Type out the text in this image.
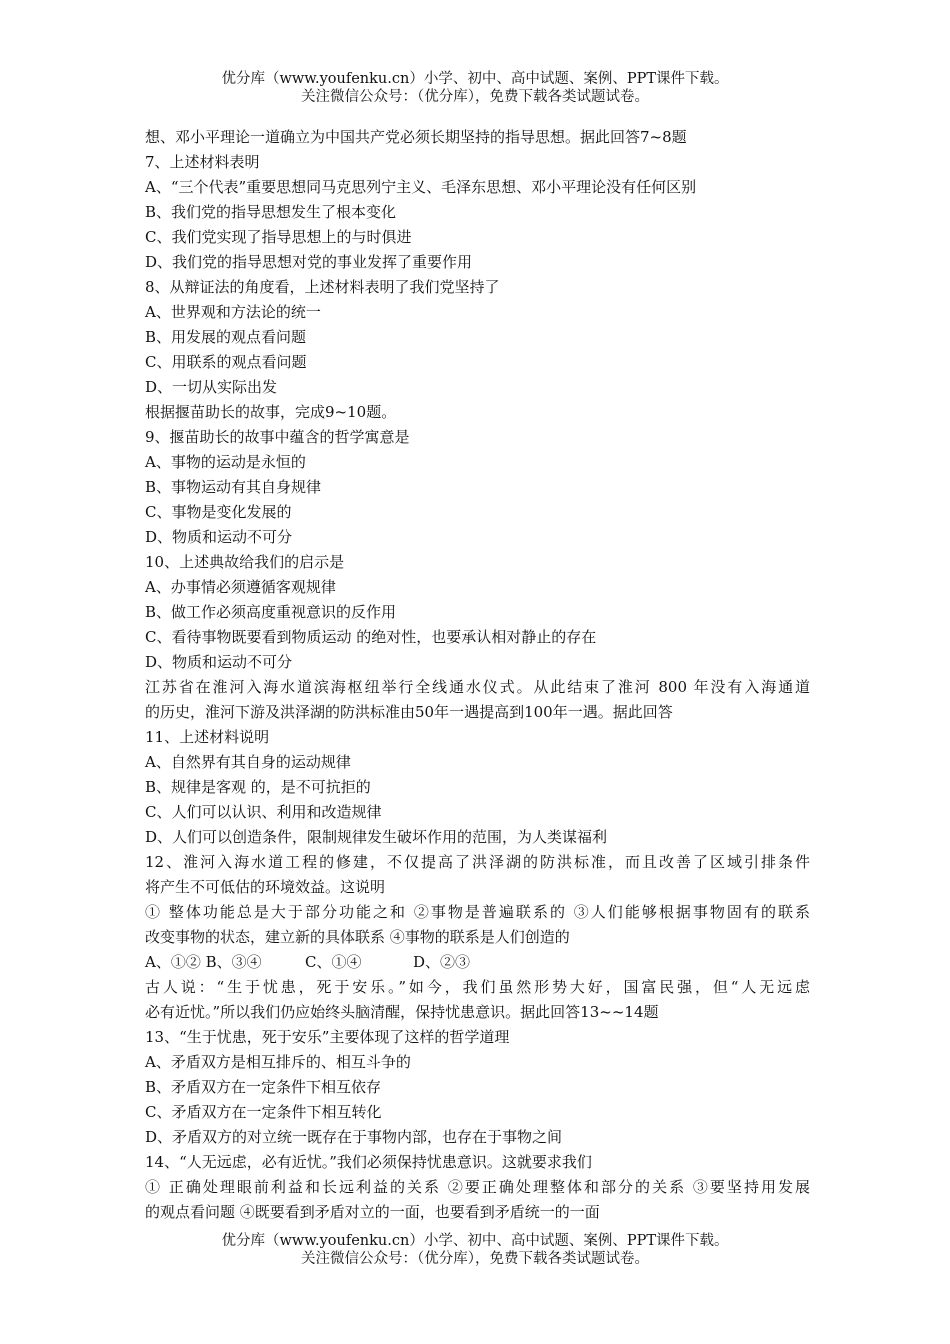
优分库（www.youfenku.cn）小学、初中、高中试题、案例、PPT课件下载。
关注微信公众号：（优分库），免费下载各类试题试卷。
想、邓小平理论一道确立为中国共产党必须长期坚持的指导思想。据此回答7~8题
7、上述材料表明
A、“三个代表”重要思想同马克思列宁主义、毛泽东思想、邓小平理论没有任何区别
B、我们党的指导思想发生了根本变化
C、我们党实现了指导思想上的与时俱进
D、我们党的指导思想对党的事业发挥了重要作用
8、从辩证法的角度看，上述材料表明了我们党坚持了
A、世界观和方法论的统一
B、用发展的观点看问题
C、用联系的观点看问题
D、一切从实际出发
根据揠苗助长的故事，完成9~10题。
9、揠苗助长的故事中蕴含的哲学寓意是
A、事物的运动是永恒的
B、事物运动有其自身规律
C、事物是变化发展的
D、物质和运动不可分
10、上述典故给我们的启示是
A、办事情必须遵循客观规律
B、做工作必须高度重视意识的反作用
C、看待事物既要看到物质运动 的绝对性，也要承认相对静止的存在
D、物质和运动不可分
江苏省在淮河入海水道滨海枢纽举行全线通水仪式。从此结束了淮河 800 年没有入海通道
的历史，淮河下游及洪泽湖的防洪标准由50年一遇提高到100年一遇。据此回答
11、上述材料说明
A、自然界有其自身的运动规律
B、规律是客观 的，是不可抗拒的
C、人们可以认识、利用和改造规律
D、人们可以创造条件，限制规律发生破坏作用的范围，为人类谋福利
12、淮河入海水道工程的修建，不仅提高了洪泽湖的防洪标准，而且改善了区域引排条件
将产生不可低估的环境效益。这说明
① 整体功能总是大于部分功能之和 ②事物是普遍联系的 ③人们能够根据事物固有的联系
改变事物的状态，建立新的具体联系 ④事物的联系是人们创造的
A、①② B、③④	C、①④	D、②③
古人说：“生于忧患，死于安乐。”如今，我们虽然形势大好，国富民强，但“人无远虑
必有近忧。”所以我们仍应始终头脑清醒，保持忧患意识。据此回答13~~14题
13、“生于忧患，死于安乐”主要体现了这样的哲学道理
A、矛盾双方是相互排斥的、相互斗争的
B、矛盾双方在一定条件下相互依存
C、矛盾双方在一定条件下相互转化
D、矛盾双方的对立统一既存在于事物内部，也存在于事物之间
14、“人无远虑，必有近忧。”我们必须保持忧患意识。这就要求我们
① 正确处理眼前利益和长远利益的关系 ②要正确处理整体和部分的关系 ③要坚持用发展
的观点看问题 ④既要看到矛盾对立的一面，也要看到矛盾统一的一面
优分库（www.youfenku.cn）小学、初中、高中试题、案例、PPT课件下载。
关注微信公众号：（优分库），免费下载各类试题试卷。
